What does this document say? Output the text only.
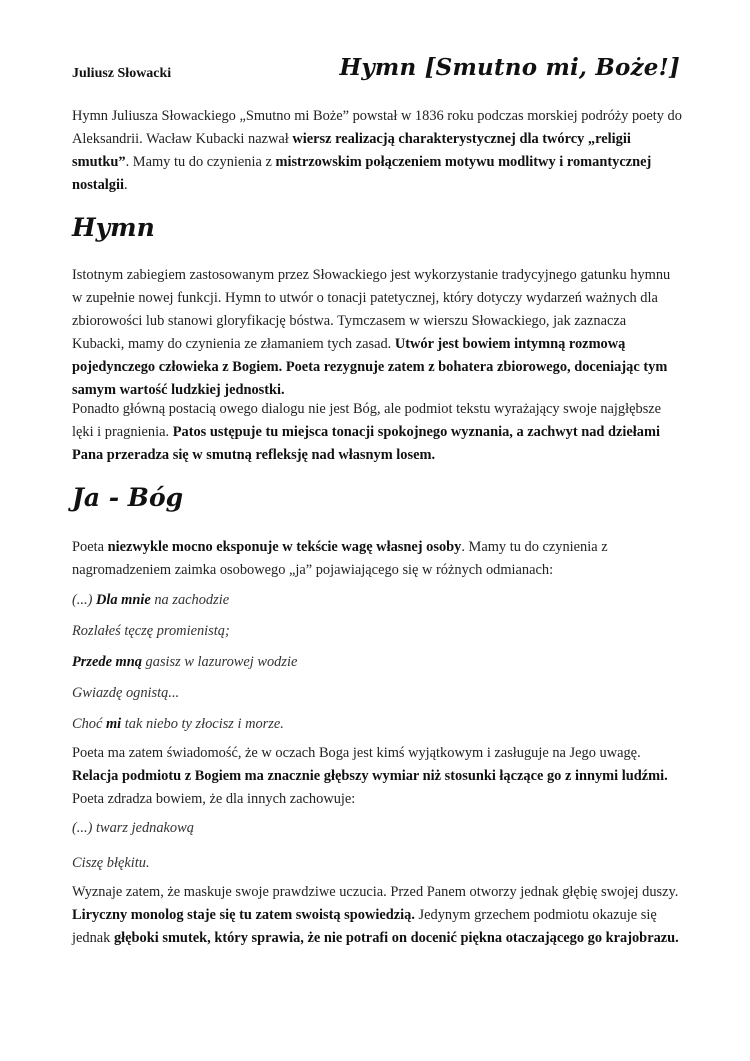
Juliusz Słowacki	Hymn [Smutno mi, Boże!]

Hymn Juliusza Słowackiego „Smutno mi Boże” powstał w 1836 roku podczas morskiej podróży poety do Aleksandrii. Wacław Kubacki nazwał wiersz realizacją charakterystycznej dla twórcy „religii smutku”. Mamy tu do czynienia z mistrzowskim połączeniem motywu modlitwy i romantycznej nostalgii.

Hymn

Istotnym zabiegiem zastosowanym przez Słowackiego jest wykorzystanie tradycyjnego gatunku hymnu w zupełnie nowej funkcji. Hymn to utwór o tonacji patetycznej, który dotyczy wydarzeń ważnych dla zbiorowości lub stanowi gloryfikację bóstwa. Tymczasem w wierszu Słowackiego, jak zaznacza Kubacki, mamy do czynienia ze złamaniem tych zasad. Utwór jest bowiem intymną rozmową pojedynczego człowieka z Bogiem. Poeta rezygnuje zatem z bohatera zbiorowego, doceniając tym samym wartość ludzkiej jednostki.

Ponadto główną postacią owego dialogu nie jest Bóg, ale podmiot tekstu wyrażający swoje najgłębsze lęki i pragnienia. Patos ustępuje tu miejsca tonacji spokojnego wyznania, a zachwyt nad dziełami Pana przeradza się w smutną refleksję nad własnym losem.

Ja - Bóg

Poeta niezwykle mocno eksponuje w tekście wagę własnej osoby. Mamy tu do czynienia z nagromadzeniem zaimka osobowego „ja” pojawiającego się w różnych odmianach:

(...) Dla mnie na zachodzie

Rozlałeś tęczę promienistą;

Przede mną gasisz w lazurowej wodzie

Gwiazdę ognistą...

Choć mi tak niebo ty złocisz i morze.

Poeta ma zatem świadomość, że w oczach Boga jest kimś wyjątkowym i zasługuje na Jego uwagę. Relacja podmiotu z Bogiem ma znacznie głębszy wymiar niż stosunki łączące go z innymi ludźmi. Poeta zdradza bowiem, że dla innych zachowuje:

(...) twarz jednakową

Ciszę błękitu.

Wyznaje zatem, że maskuje swoje prawdziwe uczucia. Przed Panem otworzy jednak głębię swojej duszy. Liryczny monolog staje się tu zatem swoistą spowiedzią. Jedynym grzechem podmiotu okazuje się jednak głęboki smutek, który sprawia, że nie potrafi on docenić piękna otaczającego go krajobrazu.
